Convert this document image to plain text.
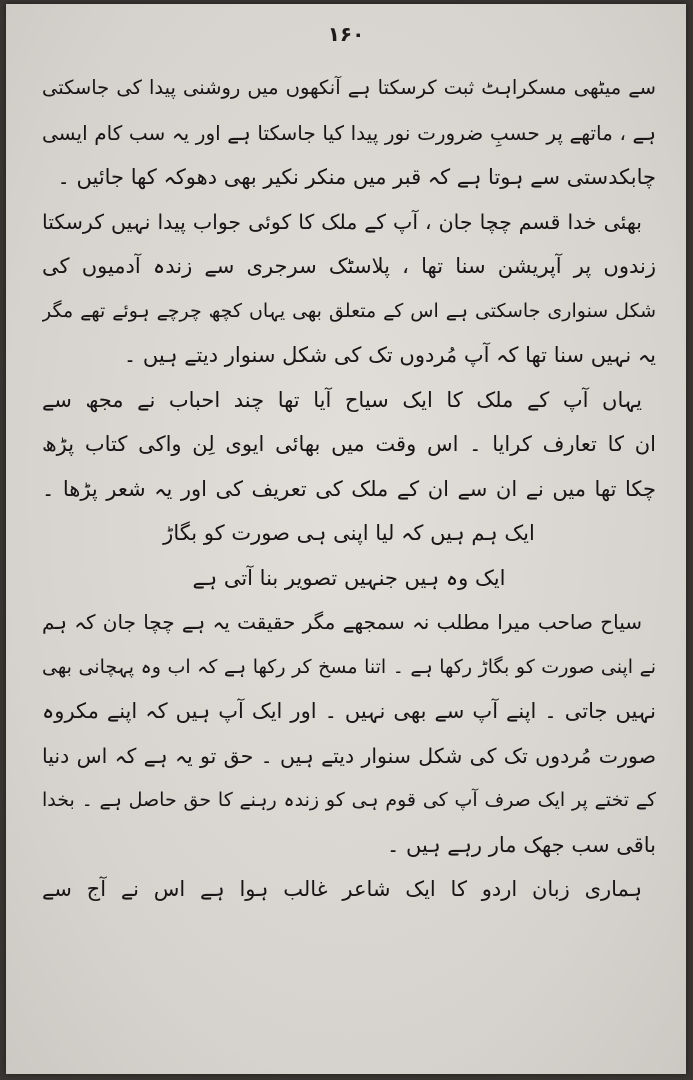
۱۶۰
سے میٹھی مسکراہٹ ثبت کرسکتا ہے آنکھوں میں روشنی پیدا کی جاسکتی
ہے ، ماتھے پر حسبِ ضرورت نور پیدا کیا جاسکتا ہے اور یہ سب کام ایسی
چابکدستی سے ہوتا ہے کہ قبر میں منکر نکیر بھی دھوکہ کھا جائیں ۔
بھئی خدا قسم چچا جان ، آپ کے ملک کا کوئی جواب پیدا نہیں کرسکتا
زندوں پر آپریشن سنا تھا ، پلاسٹک سرجری سے زندہ آدمیوں کی
شکل سنواری جاسکتی ہے اس کے متعلق بھی یہاں کچھ چرچے ہوئے تھے مگر
یہ نہیں سنا تھا کہ آپ مُردوں تک کی شکل سنوار دیتے ہیں ۔
یہاں آپ کے ملک کا ایک سیاح آیا تھا چند احباب نے مجھ سے
ان کا تعارف کرایا ۔ اس وقت میں بھائی ایوی لِن واکی کتاب پڑھ
چکا تھا میں نے ان سے ان کے ملک کی تعریف کی اور یہ شعر پڑھا ۔
ایک ہم ہیں کہ لیا اپنی ہی صورت کو بگاڑ
ایک وہ ہیں جنہیں تصویر بنا آتی ہے
سیاح صاحب میرا مطلب نہ سمجھے مگر حقیقت یہ ہے چچا جان کہ ہم
نے اپنی صورت کو بگاڑ رکھا ہے ۔ اتنا مسخ کر رکھا ہے کہ اب وہ پہچانی بھی
نہیں جاتی ۔ اپنے آپ سے بھی نہیں ۔ اور ایک آپ ہیں کہ اپنے مکروہ
صورت مُردوں تک کی شکل سنوار دیتے ہیں ۔ حق تو یہ ہے کہ اس دنیا
کے تختے پر ایک صرف آپ کی قوم ہی کو زندہ رہنے کا حق حاصل ہے ۔ بخدا
باقی سب جھک مار رہے ہیں ۔
ہماری زبان اردو کا ایک شاعر غالب ہوا ہے اس نے آج سے
